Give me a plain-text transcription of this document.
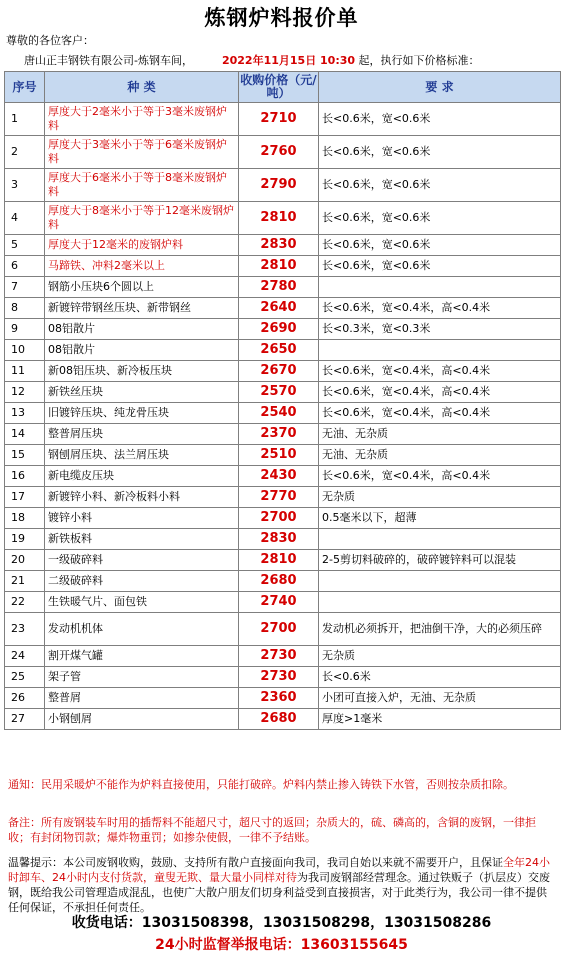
炼钢炉料报价单
尊敬的各位客户：
唐山正丰钢铁有限公司-炼钢车间，	2022年11月15日 10:30 起，执行如下价格标准：
序号	种 类	收购价格（元/吨）	要 求
1	厚度大于2毫米小于等于3毫米废钢炉料	2710	长<0.6米，宽<0.6米
2	厚度大于3毫米小于等于6毫米废钢炉料	2760	长<0.6米，宽<0.6米
3	厚度大于6毫米小于等于8毫米废钢炉料	2790	长<0.6米，宽<0.6米
4	厚度大于8毫米小于等于12毫米废钢炉料	2810	长<0.6米，宽<0.6米
5	厚度大于12毫米的废钢炉料	2830	长<0.6米，宽<0.6米
6	马蹄铁、冲料2毫米以上	2810	长<0.6米，宽<0.6米
7	钢筋小压块6个圆以上	2780	
8	新镀锌带钢丝压块、新带钢丝	2640	长<0.6米，宽<0.4米，高<0.4米
9	08铝散片	2690	长<0.3米，宽<0.3米
10	08铝散片	2650	
11	新08铝压块、新冷板压块	2670	长<0.6米，宽<0.4米，高<0.4米
12	新铁丝压块	2570	长<0.6米，宽<0.4米，高<0.4米
13	旧镀锌压块、纯龙骨压块	2540	长<0.6米，宽<0.4米，高<0.4米
14	整普屑压块	2370	无油、无杂质
15	钢刨屑压块、法兰屑压块	2510	无油、无杂质
16	新电缆皮压块	2430	长<0.6米，宽<0.4米，高<0.4米
17	新镀锌小料、新冷板料小料	2770	无杂质
18	镀锌小料	2700	0.5毫米以下，超薄
19	新铁板料	2830	
20	一级破碎料	2810	2-5剪切料破碎的，破碎镀锌料可以混装
21	二级破碎料	2680	
22	生铁暖气片、面包铁	2740	
23	发动机机体	2700	发动机必须拆开，把油倒干净，大的必须压碎
24	割开煤气罐	2730	无杂质
25	架子管	2730	长<0.6米
26	整普屑	2360	小团可直接入炉，无油、无杂质
27	小钢刨屑	2680	厚度>1毫米
通知：民用采暖炉不能作为炉料直接使用，只能打破碎。炉料内禁止掺入铸铁下水管，否则按杂质扣除。
备注：所有废钢装车时用的插帮料不能超尺寸，超尺寸的返回；杂质大的，硫、磷高的，含铜的废钢，一律拒收；有封闭物罚款；爆炸物重罚；如掺杂使假，一律不予结账。
温馨提示：本公司废钢收购，鼓励、支持所有散户直接面向我司，我司自始以来就不需要开户，且保证全年24小时卸车、24小时内支付货款，童叟无欺、量大量小同样对待为我司废钢部经营理念。通过铁贩子（扒层皮）交废钢，既给我公司管理造成混乱，也使广大散户朋友们切身利益受到直接损害，对于此类行为，我公司一律不提供任何保证，不承担任何责任。
收货电话：13031508398，13031508298，13031508286
24小时监督举报电话：13603155645
